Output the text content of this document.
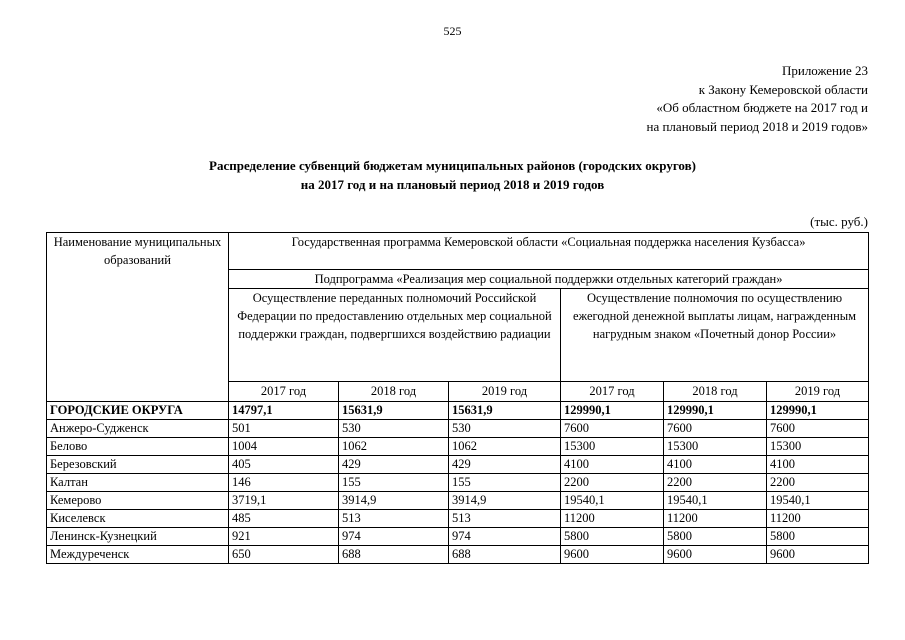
525
Приложение 23
к Закону Кемеровской области
«Об областном бюджете на 2017 год и
на плановый период 2018 и 2019 годов»
Распределение субвенций бюджетам муниципальных районов (городских округов)
на 2017 год и на плановый период 2018 и 2019 годов
(тыс. руб.)
Наименование муниципальных образований	Государственная программа Кемеровской области «Социальная поддержка населения Кузбасса»					
	Подпрограмма «Реализация мер социальной поддержки отдельных категорий граждан»					
	Осуществление переданных полномочий Российской Федерации по предоставлению отдельных мер социальной поддержки граждан, подвергшихся воздействию радиации			Осуществление полномочия по осуществлению ежегодной денежной выплаты лицам, награжденным нагрудным знаком «Почетный донор России»		
	2017 год	2018 год	2019 год	2017 год	2018 год	2019 год
ГОРОДСКИЕ ОКРУГА	14797,1	15631,9	15631,9	129990,1	129990,1	129990,1
Анжеро-Судженск	501	530	530	7600	7600	7600
Белово	1004	1062	1062	15300	15300	15300
Березовский	405	429	429	4100	4100	4100
Калтан	146	155	155	2200	2200	2200
Кемерово	3719,1	3914,9	3914,9	19540,1	19540,1	19540,1
Киселевск	485	513	513	11200	11200	11200
Ленинск-Кузнецкий	921	974	974	5800	5800	5800
Междуреченск	650	688	688	9600	9600	9600
